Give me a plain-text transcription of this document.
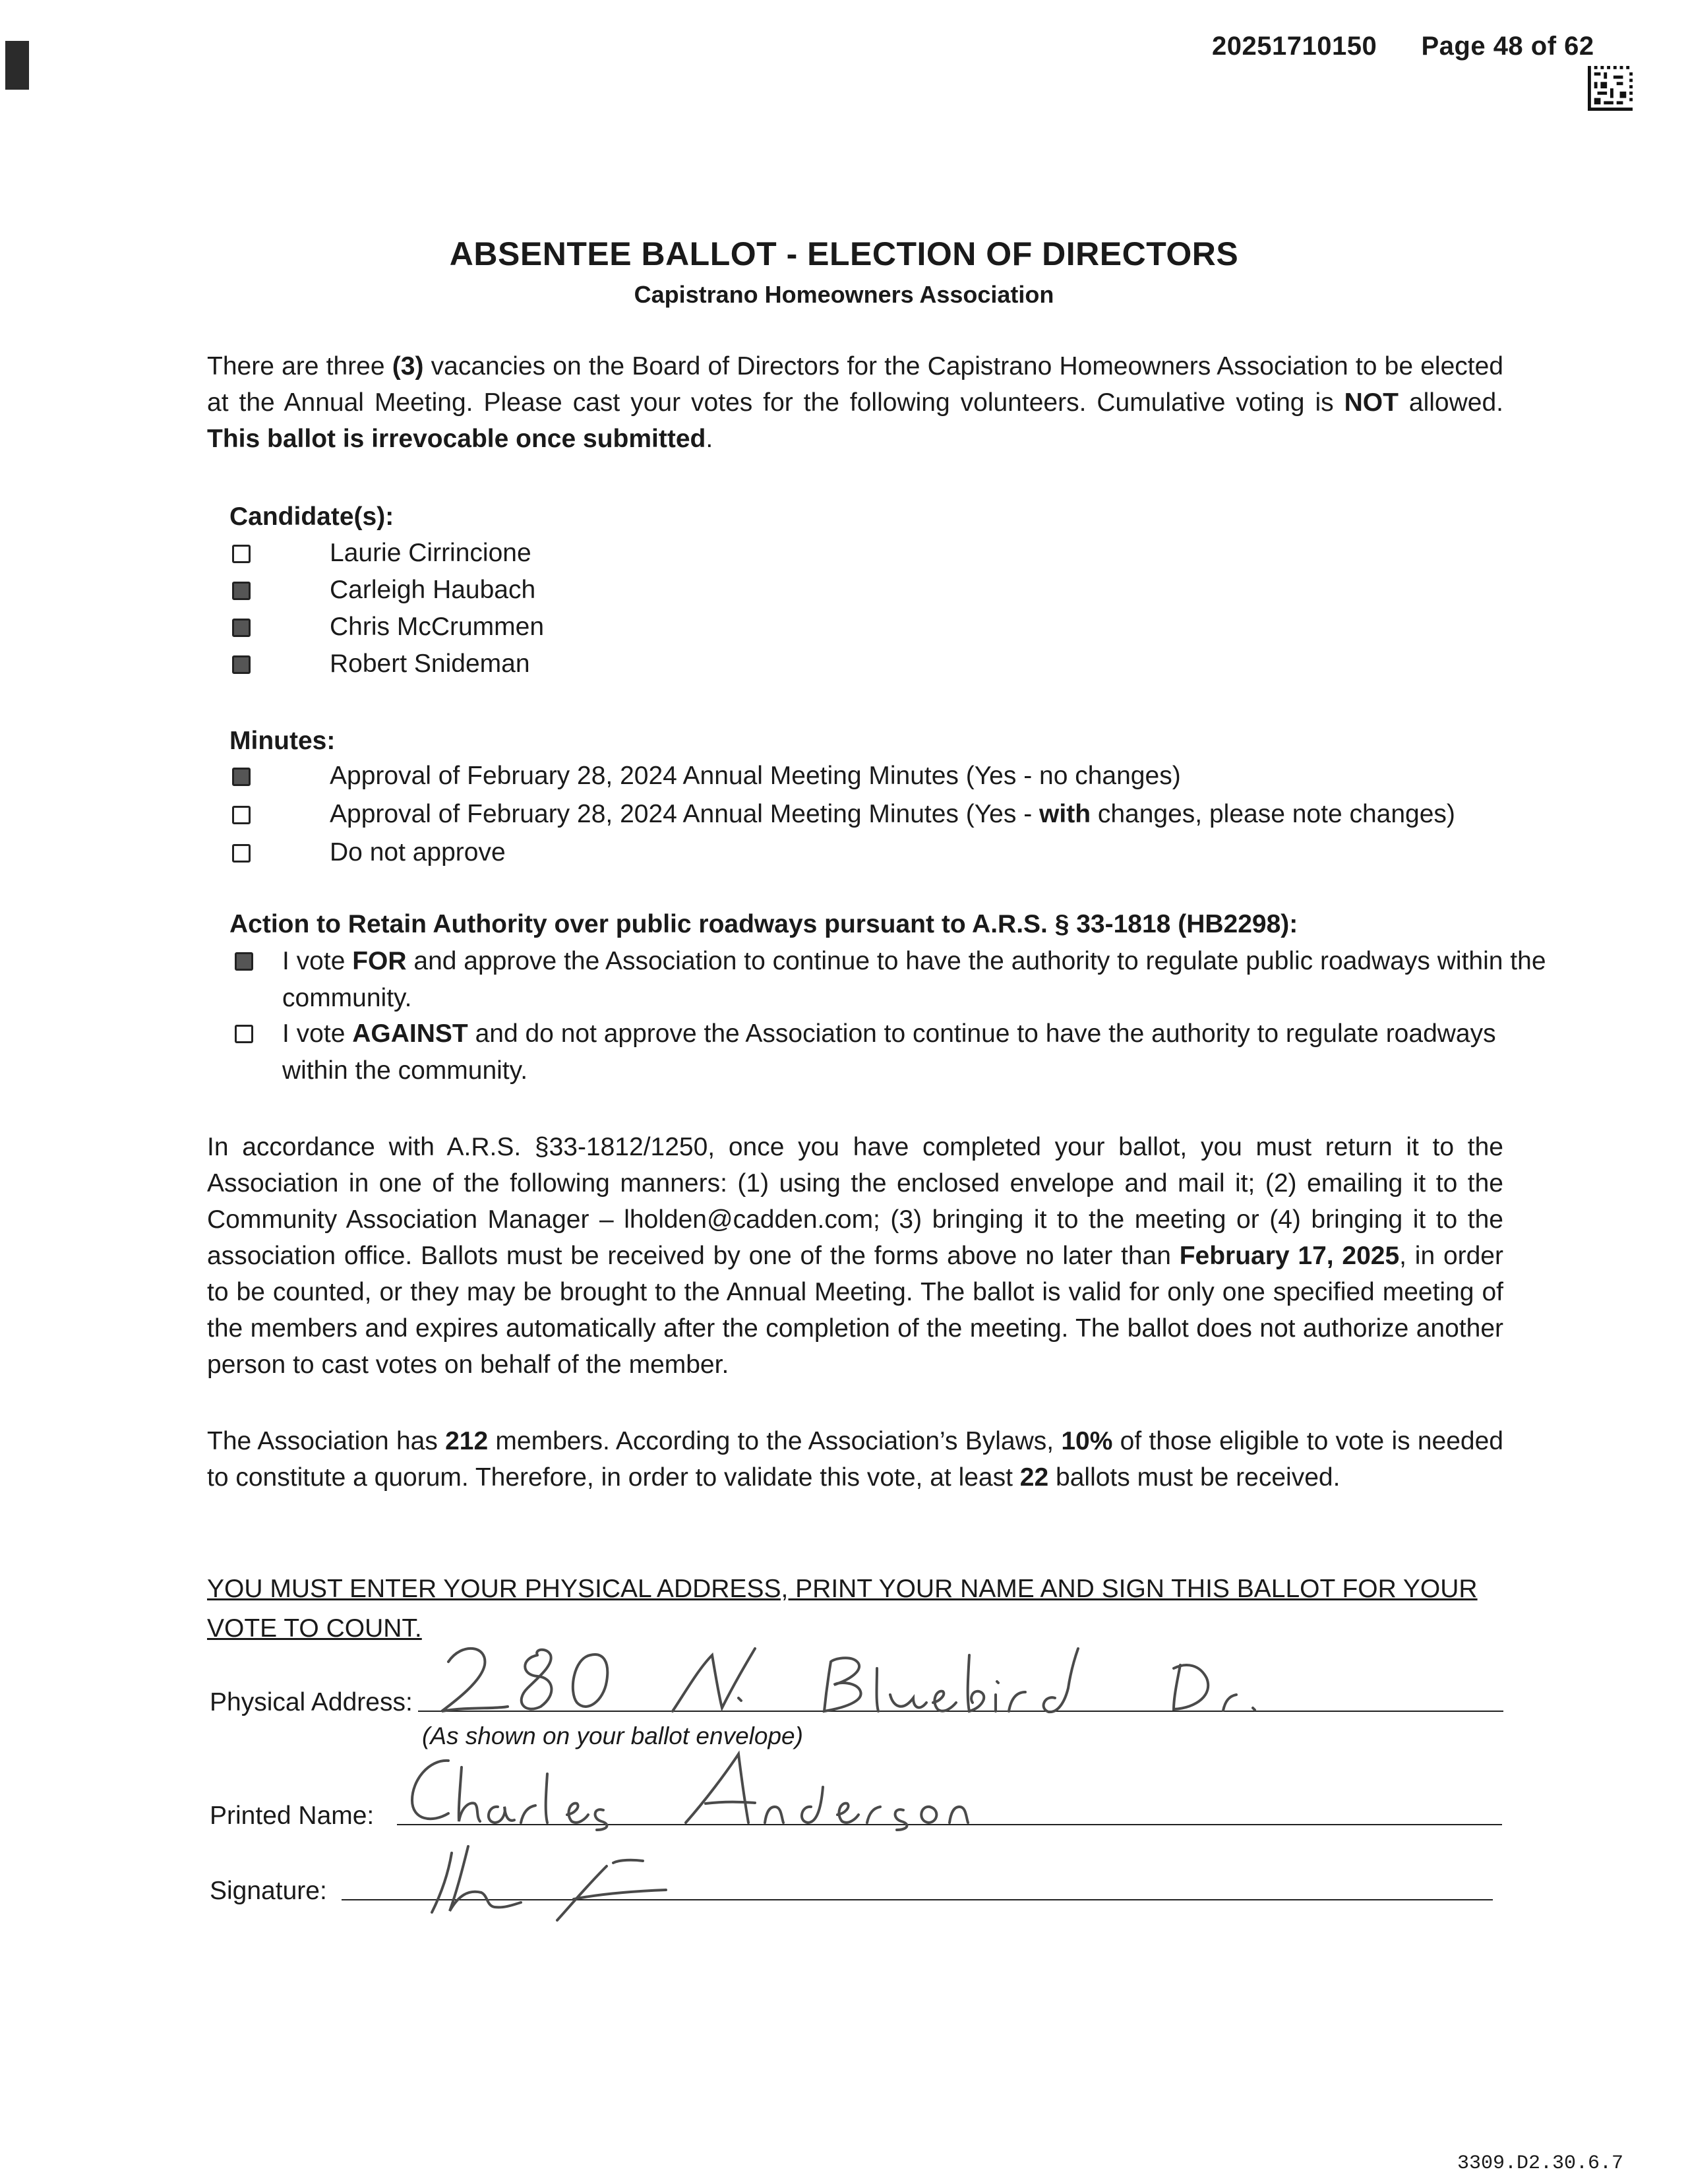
20251710150 Page 48 of 62
ABSENTEE BALLOT - ELECTION OF DIRECTORS
Capistrano Homeowners Association

There are three (3) vacancies on the Board of Directors for the Capistrano Homeowners Association to be elected at the Annual Meeting. Please cast your votes for the following volunteers. Cumulative voting is NOT allowed. This ballot is irrevocable once submitted.

Candidate(s):
Laurie Cirrincione
Carleigh Haubach
Chris McCrummen
Robert Snideman
Minutes:
Approval of February 28, 2024 Annual Meeting Minutes (Yes - no changes)
Approval of February 28, 2024 Annual Meeting Minutes (Yes - with changes, please note changes)
Do not approve
Action to Retain Authority over public roadways pursuant to A.R.S. § 33-1818 (HB2298):
I vote FOR and approve the Association to continue to have the authority to regulate public roadways within the community.
I vote AGAINST and do not approve the Association to continue to have the authority to regulate roadways within the community.

In accordance with A.R.S. §33-1812/1250, once you have completed your ballot, you must return it to the Association in one of the following manners: (1) using the enclosed envelope and mail it; (2) emailing it to the Community Association Manager – lholden@cadden.com; (3) bringing it to the meeting or (4) bringing it to the association office. Ballots must be received by one of the forms above no later than February 17, 2025, in order to be counted, or they may be brought to the Annual Meeting. The ballot is valid for only one specified meeting of the members and expires automatically after the completion of the meeting. The ballot does not authorize another person to cast votes on behalf of the member.

The Association has 212 members. According to the Association’s Bylaws, 10% of those eligible to vote is needed to constitute a quorum. Therefore, in order to validate this vote, at least 22 ballots must be received.

YOU MUST ENTER YOUR PHYSICAL ADDRESS, PRINT YOUR NAME AND SIGN THIS BALLOT FOR YOUR VOTE TO COUNT.
Physical Address:
(As shown on your ballot envelope)
Printed Name:
Signature:
3309.D2.30.6.7
